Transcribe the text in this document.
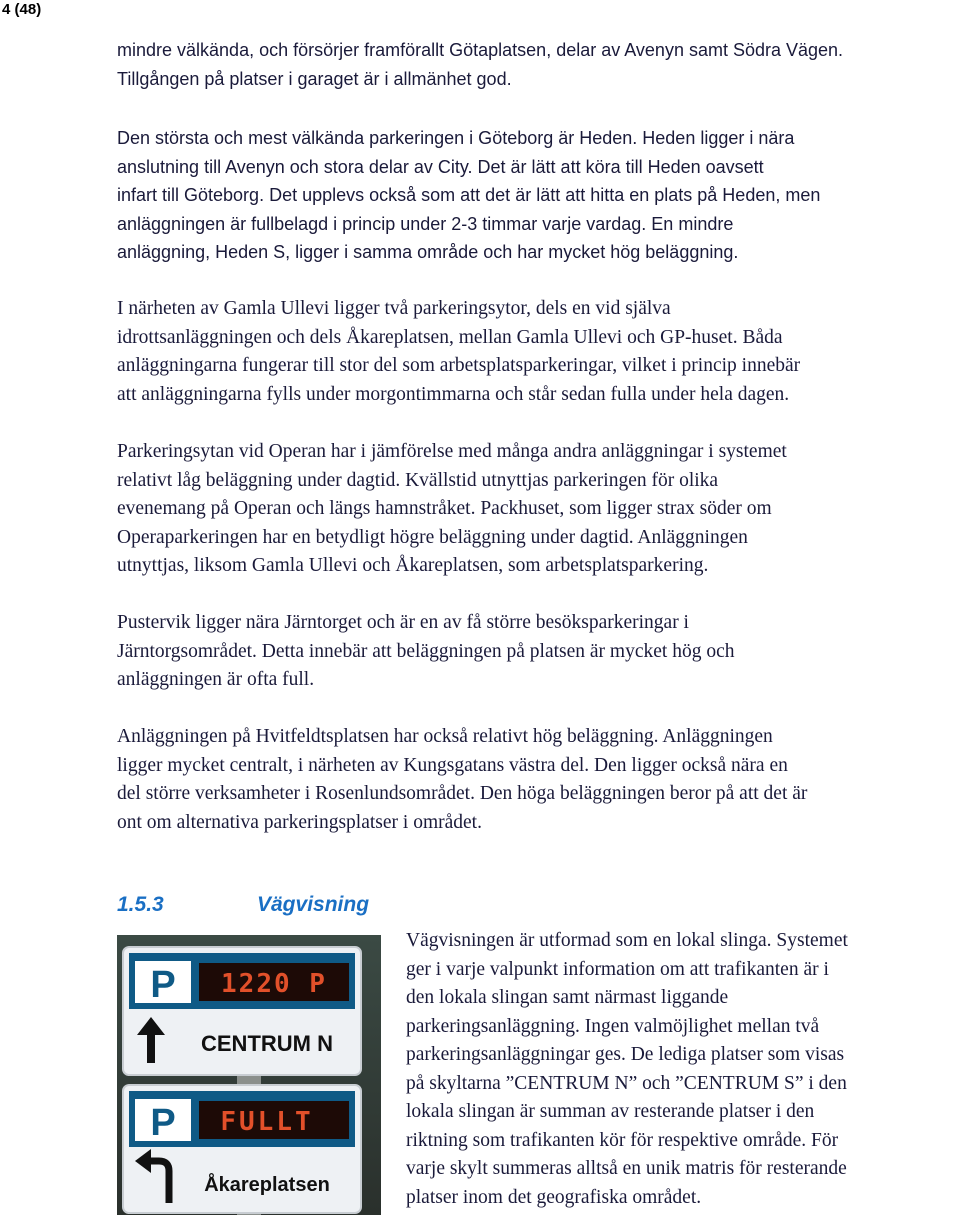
4 (48)

mindre välkända, och försörjer framförallt Götaplatsen, delar av Avenyn samt Södra Vägen.
Tillgången på platser i garaget är i allmänhet god.

Den största och mest välkända parkeringen i Göteborg är Heden. Heden ligger i nära
anslutning till Avenyn och stora delar av City. Det är lätt att köra till Heden oavsett
infart till Göteborg. Det upplevs också som att det är lätt att hitta en plats på Heden, men
anläggningen är fullbelagd i princip under 2-3 timmar varje vardag. En mindre
anläggning, Heden S, ligger i samma område och har mycket hög beläggning.

I närheten av Gamla Ullevi ligger två parkeringsytor, dels en vid själva
idrottsanläggningen och dels Åkareplatsen, mellan Gamla Ullevi och GP-huset. Båda
anläggningarna fungerar till stor del som arbetsplatsparkeringar, vilket i princip innebär
att anläggningarna fylls under morgontimmarna och står sedan fulla under hela dagen.

Parkeringsytan vid Operan har i jämförelse med många andra anläggningar i systemet
relativt låg beläggning under dagtid. Kvällstid utnyttjas parkeringen för olika
evenemang på Operan och längs hamnstråket. Packhuset, som ligger strax söder om
Operaparkeringen har en betydligt högre beläggning under dagtid. Anläggningen
utnyttjas, liksom Gamla Ullevi och Åkareplatsen, som arbetsplatsparkering.

Pustervik ligger nära Järntorget och är en av få större besöksparkeringar i
Järntorgsområdet. Detta innebär att beläggningen på platsen är mycket hög och
anläggningen är ofta full.

Anläggningen på Hvitfeldtsplatsen har också relativt hög beläggning. Anläggningen
ligger mycket centralt, i närheten av Kungsgatans västra del. Den ligger också nära en
del större verksamheter i Rosenlundsområdet. Den höga beläggningen beror på att det är
ont om alternativa parkeringsplatser i området.

1.5.3	Vägvisning
P 1220 P
CENTRUM N
P FULLT
Åkareplatsen
Vägvisningen är utformad som en lokal slinga. Systemet
ger i varje valpunkt information om att trafikanten är i
den lokala slingan samt närmast liggande
parkeringsanläggning. Ingen valmöjlighet mellan två
parkeringsanläggningar ges. De lediga platser som visas
på skyltarna ”CENTRUM N” och ”CENTRUM S” i den
lokala slingan är summan av resterande platser i den
riktning som trafikanten kör för respektive område. För
varje skylt summeras alltså en unik matris för resterande
platser inom det geografiska området.
